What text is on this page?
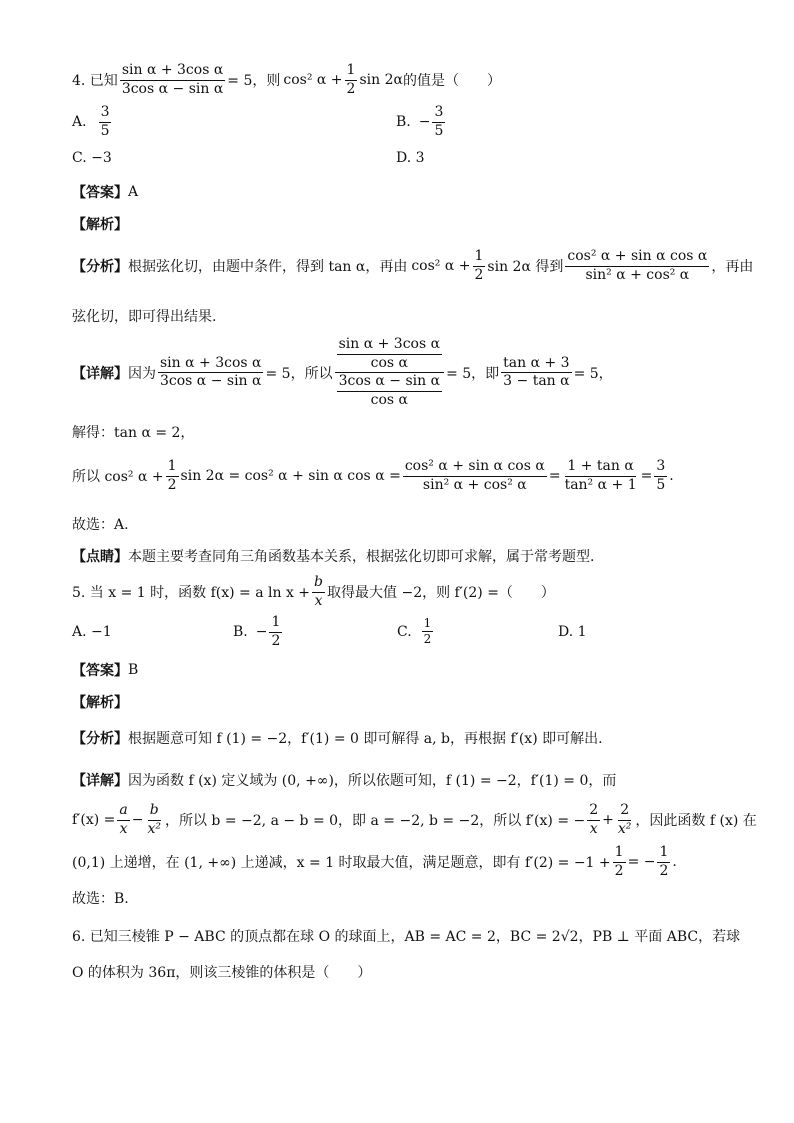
4. 已知 $\frac{\text{sin α + 3cos α}}{\text{3cos α − sin α}} = 5$，则 cos² $\alpha + \frac{1}{2}$ sin 2α 的值是（　　）
A. $\frac{3}{5}$	B. − $\frac{3}{5}$
C. −3	D. 3
【答案】 A
【解析】
【分析】 根据弦化切，由题中条件，得到 tan α，再由 cos² $\alpha + \frac{1}{2}$ sin 2α 得到 $\frac{\text{cos² α + sin α cos α}}{\text{sin² α + cos² α}}$ ，再由
弦化切，即可得出结果.
【详解】 因为 $\frac{\text{sin α + 3cos α}}{\text{3cos α − sin α}} = 5$，所以 $\frac{\frac{\text{sin α + 3cos α}}{\text{cos α}}}{\frac{\text{3cos α − sin α}}{\text{cos α}}} = 5$，即 $\frac{\text{tan α + 3}}{\text{3 − tan α}} = 5$，
解得：tan α = 2，
所以 cos² $\alpha + \frac{1}{2}$ sin 2α = cos² α + sin α $\cos \alpha = \frac{\text{cos² α + sin α cos α}}{\text{sin² α + cos² α}} = \frac{\text{1 + tan α}}{\text{tan² α + 1}} = \frac{3}{5}$ .
故选：A.
【点睛】 本题主要考查同角三角函数基本关系，根据弦化切即可求解，属于常考题型.
5. 当 x = 1 时，函数 f(x) = a $\ln x + \frac{b}{x}$ 取得最大值 −2，则 f′(2) =（　　）
A. −1	B. − $\frac{1}{2}$	C. $\frac{1}{2}$	D. 1
【答案】 B
【解析】
【分析】 根据题意可知 f (1) = −2，f′(1) = 0 即可解得 a, b，再根据 f′(x) 即可解出.
【详解】 因为函数 f (x) 定义域为 (0, +∞)，所以依题可知，f (1) = −2，f′(1) = 0，而
$f'(x) = \frac{a}{x} - \frac{b}{\text{x²}}$ ，所以 b = −2, a − b = 0，即 a = −2, b = −2，所以 f′(x) = − $\frac{2}{x} + \frac{2}{\text{x²}}$ ，因此函数 f (x) 在
(0,1) 上递增，在 (1, +∞) 上递减，x = 1 时取最大值，满足题意，即有 $f'(2) = -1 + \frac{1}{2}$ = − $\frac{1}{2}$ .
故选：B.
6. 已知三棱锥 P − ABC 的顶点都在球 O 的球面上，AB = AC = 2，BC = 2√2，PB ⊥ 平面 ABC，若球
O 的体积为 36π，则该三棱锥的体积是（　　）
